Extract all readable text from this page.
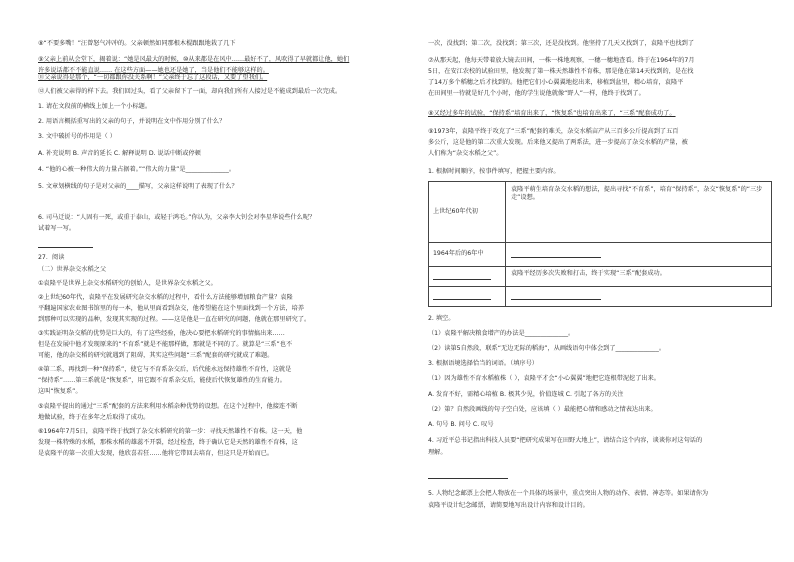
⑧“不要多嘴！”汪曾怒气冲冲的。父亲顿然如同那根木棍跟跟地栽了几下
⑨父亲上前从会堂下，揭着说：“她是风最大的时候，⑩从来都是在风中……最好不了，风吹得了早就都让他，她们
许多说话都不不能直说…… 在这些方面——她也还是她了，当是他们不能够这样的。
⑪父亲说得是那个，“一切都跟你没关系啊！”父亲终于忘了这段话，又要了望我们。
⑫人们被父亲得的样下去。我们回过头，看了父亲留下了一面，却向我们所有人接过是不能成到最后一次完成。
1. 请在文段前的横线上加上一个小标题。
2. 用语言概括重写出的父亲的句子，并说明在文中作用分别了什么？
3. 文中破折号的作用是（ ）
A. 补充说明 B. 声音的延长 C. 解释说明 D. 说话中断或停顿
4. “他的心被一种伟大的力量占据着。”“伟大的力量”是______________。
5. 文章划横线的句子是对父亲的____描写，父亲这样说明了表现了什么？
6. 司马迁说：“人固有一死，或重于泰山，或轻于鸿毛。”你认为，父亲李大钊会对李星华说些什么呢？
试着写一写。
27．阅读
（二）世界杂交水稻之父
①袁隆平是世界上杂交水稻研究的创始人，是世界杂交水稻之父。
②上世纪60年代，袁隆平在发展研究杂交水稻的过程中，看什么方法能够增加粮食产量？袁隆
平翻遍国家农业图书馆里的每一本，他从里面看到杂交，他希望能在这个里面找到一个方法，培养
到那种可以实现的品种，发现其实现的过程。——这是他是一直在研究的问题，他就在那里研究了。
③实践证明杂交稻的优势是巨大的，有了这些经验，他决心要把水稻研究的事情搞出来……
但是在发展中他才发现原来的“不育系”就是不能那样做，那就是不同的了。就算是“三系”也不
可能，他的杂交稻的研究就遇到了阻碍，其实这些问题“三系”配套的研究就成了难题。
④第二系，再找到一种“保持系”，使它与不育系杂交后，后代能永远保持雄性不育性，这就是
“保持系”……第三系就是“恢复系”，用它跟不育系杂交后，能使后代恢复雄性的生育能力。
这叫“恢复系”。
⑤袁隆平提出的通过“三系”配套的方法来利用水稻杂种优势的设想。在这个过程中，他接连不断
地做试验，终于在多年之后取得了成功。
⑥1964年7月5日，袁隆平终于找到了杂交水稻研究的第一步：寻找天然雄性不育株。这一天，他
发现一株特殊的水稻，那株水稻的雄蕊不开裂，经过检查，终于确认它是天然的雄性不育株，这
是袁隆平的第一次重大发现，他欣喜若狂……他将它带回去培育，但这只是开始而已。
一次，没找到；第二次，没找到；第三次，还是没找到。他坚持了几天又找到了，袁隆平也找到了
⑦从那天起，他每天带着放大镜去田间，一株一株地观察，一穗一穗地查看。终于在1964年的7月
5日，在安江农校的试验田里，他发现了第一株天然雄性不育株，那是他在第14天找到的，是在找
了14万多个稻穗之后才找到的。他把它们小心翼翼地挖出来，移植到盆里，精心培育，袁隆平
在田间里一待就是好几个小时，他的学生说他就像“野人”一样，他终于找到了。
⑧又经过多年的试验，“保持系”培育出来了，“恢复系”也培育出来了，“三系”配套成功了。
⑨1973年，袁隆平终于攻克了“三系”配套的难关，杂交水稻亩产从三百多公斤提高到了五百
多公斤，这是他的第二次重大发现。后来他又提出了两系法，进一步提高了杂交水稻的产量，被
人们称为“杂交水稻之父”。
1. 根据时间顺序，按事件填写，把握主要内容。
上世纪60年代初
袁隆平萌生培育杂交水稻的想法，提出寻找“不育系”，培育“保持系”，杂交“恢复系”的“三步走”设想。
1964年后的6年中
袁隆平经历多次失败和打击，终于实现“三系”配套成功。
2. 填空。
（1）袁隆平解决粮食增产的办法是______________。
（2）读第5自然段，联系“无边无际的稻海”，从画线语句中体会到了______________。
3. 根据语境选择恰当的词语。（填序号）
（1）因为雄性不育水稻植株（ ），袁隆平才会“小心翼翼”地把它连根带泥挖了出来。
A. 发育不好，需精心培植 B. 极其少见，价值连城 C. 引起了各方的关注
（2）第？自然段画线的句子空白处，应该填（ ）最能把心情和感动之情表达出来。
A. 句号 B. 问号 C. 叹号
4. 习近平总书记指出科技人员要“把研究成果写在田野大地上”，请结合这个内容，谈谈你对这句话的
理解。
5. 人物纪念邮票上会把人物放在一个具体的场景中，重点突出人物的动作、表情、神态等。如果请你为
袁隆平设计纪念邮票，请简要地写出设计内容和设计目的。
